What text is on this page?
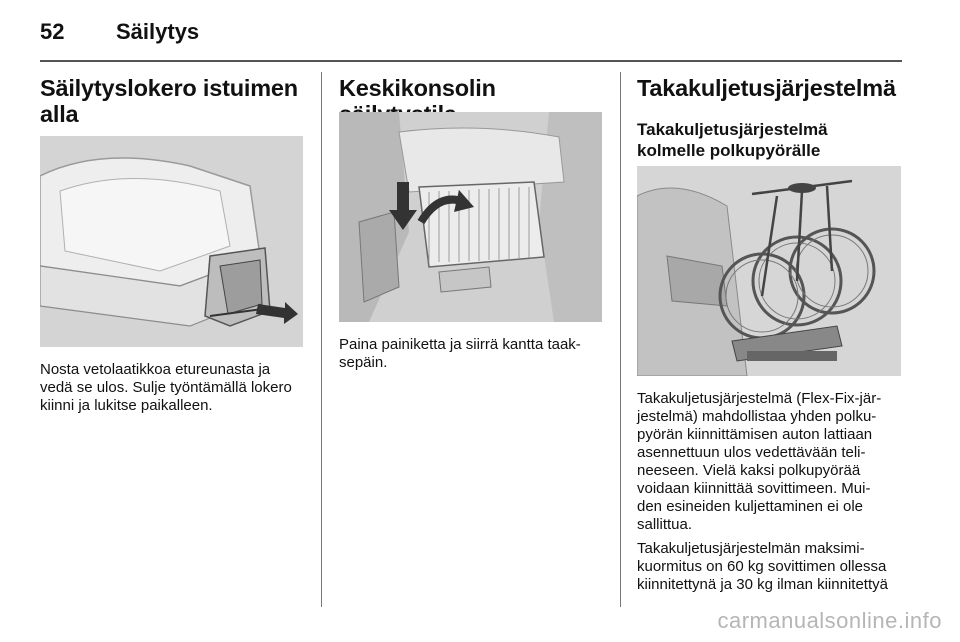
52 Säilytys
Säilytyslokero istuimen
alla

Nosta vetolaatikkoa etureunasta ja
vedä se ulos. Sulje työntämällä lokero
kiinni ja lukitse paikalleen.

Keskikonsolin

Paina painiketta ja siirrä kantta taak-
sepäin.

Takakuljetusjärjestelmä
Takakuljetusjärjestelmä
kolmelle polkupyörälle

Takakuljetusjärjestelmä (Flex-Fix-jär-
jestelmä) mahdollistaa yhden polku-
pyörän kiinnittämisen auton lattiaan
asennettuun ulos vedettävään teli-
neeseen. Vielä kaksi polkupyörää
voidaan kiinnittää sovittimeen. Mui-
den esineiden kuljettaminen ei ole
sallittua.

Takakuljetusjärjestelmän maksimi-
kuormitus on 60 kg sovittimen ollessa
kiinnitettynä ja 30 kg ilman kiinnitettyä

carmanualsonline.info
